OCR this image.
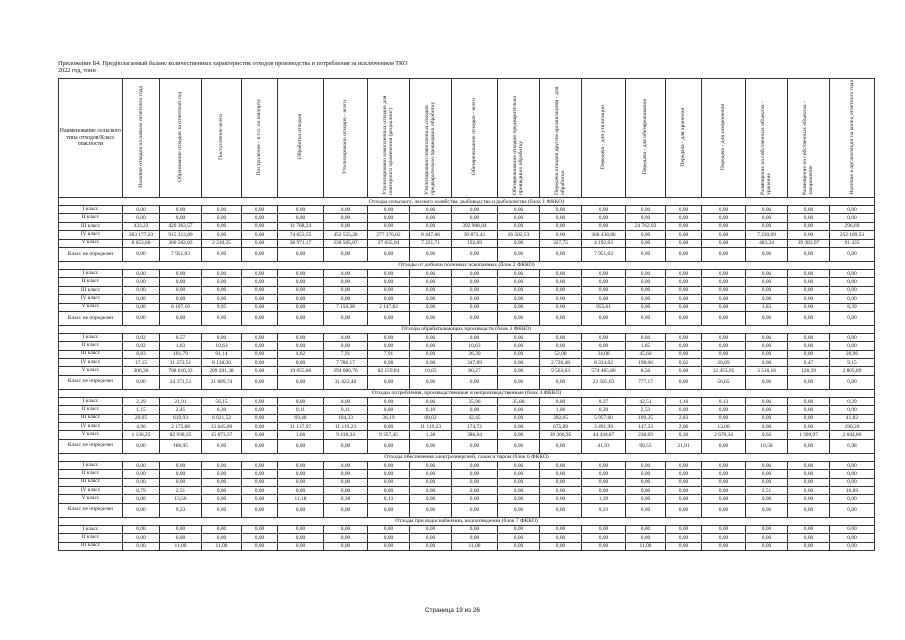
Приложение Б4. Предполагаемый баланс количественных характеристик отходов производства и потребления за исключением ТКО
2022 год, тонн
Наименование сельского типа отходов/Класс опасности	Наличие отходов на начало отчетного года	Образование отходов за отчетный год	Поступление-всего	Поступление - в т.ч. по импорту	Обработка отходов	Утилизировано отходов - всего	Утилизировано накопленных отходов для повторного применения (рециклинг)	Утилизировано накопленных отходов предварительно прошедших обработку	Обезвреживание отходов - всего	Обезвреживание отходов предварительно прошедших обработку	Передача отходов другим организациям - для обработки	Передача - для утилизации	Передача - для обезвреживания	Передача - для хранения	Передача - для захоронения	Размещение на собственных объектах - хранение	Размещение на собственных объектах - захоронение	Наличие в организации на конец отчетного года	
Отходы сельского, лесного хозяйства, рыбоводства и рыболовства (блок 1 ФККО)																			
I класс	0,00	0,00	0,00	0,00	0,00	0,00	0,00	0,00	0,00	0,00	0,00	0,00	0,00	0,00	0,00	0,00	0,00	0,00	
II класс	0,00	0,00	0,00	0,00	0,00	0,00	0,00	0,00	0,00	0,00	0,00	0,00	0,00	0,00	0,00	0,00	0,00	0,00	
III класс	433,22	429 363,57	0,00	0,00	11 768,24	0,00	0,00	0,00	392 908,84	0,00	0,00	0,00	24 762,02	0,00	0,00	0,00	0,00	296,69	
IV класс	283 177,23	915 313,80	0,00	0,00	74 653,55	452 555,28	277 376,82	8 447,86	30 872,41	26 502,53	0,00	368 438,86	0,00	0,00	0,00	7 230,09	0,00	252 189,53	
V класс	8 653,60	300 502,83	2 210,35	0,00	38 971,17	238 505,07	27 035,04	7 221,71	192,69	0,00	327,75	4 192,03	0,00	0,00	0,00	483,24	39 383,97	91 435	
Класс не определен	0,00	7 951,03	0,00	0,00	0,00	0,00	0,00	0,00	0,00	0,00	0,00	7 951,03	0,00	0,00	0,00	0,00	0,00	0,00	
Отходы от добычи полезных ископаемых (блок 2 ФККО)																			
I класс	0,00	0,00	0,00	0,00	0,00	0,00	0,00	0,00	0,00	0,00	0,00	0,00	0,00	0,00	0,00	0,00	0,00	0,00	
II класс	0,00	0,00	0,00	0,00	0,00	0,00	0,00	0,00	0,00	0,00	0,00	0,00	0,00	0,00	0,00	0,00	0,00	0,00	
III класс	0,00	0,00	0,00	0,00	0,00	0,00	0,00	0,00	0,00	0,00	0,00	0,00	0,00	0,00	0,00	0,00	0,00	0,00	
IV класс	0,00	0,00	0,00	0,00	0,00	0,00	0,00	0,00	0,00	0,00	0,00	0,00	0,00	0,00	0,00	0,00	0,00	0,00	
V класс	0,00	6 107,16	9,05	0,00	0,00	7 150,38	2 147,82	0,00	0,00	0,00	0,00	955,61	0,00	0,00	0,00	1,83	0,00	8,39	
Класс не определен	0,00	0,00	0,00	0,00	0,00	0,00	0,00	0,00	0,00	0,00	0,00	0,00	0,00	0,00	0,00	0,00	0,00	0,00	
Отходы обрабатывающих производств (блок 3 ФККО)																			
I класс	0,02	0,57	0,00	0,00	0,00	0,00	0,00	0,00	0,00	0,00	0,00	0,00	0,60	0,00	0,00	0,00	0,00	0,00	
II класс	0,02	1,83	10,63	0,00	0,00	0,00	0,00	0,00	10,63	0,00	0,00	0,00	1,85	0,00	0,00	0,00	0,00	0,00	
III класс	8,83	101,79	91,14	0,00	4,82	7,91	7,91	0,00	36,30	0,00	52,08	34,08	45,60	0,00	0,00	0,00	0,00	20,96	
IV класс	17,15	11 273,51	8 138,30	0,00	0,00	7 786,17	6,98	0,00	347,89	0,00	2 726,48	8 334,02	198,06	0,02	26,69	0,00	0,47	9,15	
V класс	306,30	708 610,33	209 201,38	0,00	19 055,86	294 680,76	82 159,84	10,05	80,27	0,00	9 563,63	574 465,80	8,56	0,00	12 455,95	3 516,16	128,39	2 805,89	
Класс не определен	0,00	24 371,51	31 689,74	0,00	0,00	31 622,40	0,00	0,00	0,00	0,00	0,00	23 585,03	777,17	0,00	56,65	0,00	0,00	0,00	
Отходы потребления, производственные и непроизводственные (блок 4 ФККО)																			
I класс	2,29	21,91	56,15	0,00	0,00	0,00	0,00	0,00	35,96	35,88	0,00	0,37	42,51	1,16	0,13	0,00	0,00	0,29	
II класс	1,15	2,45	6,30	0,00	0,11	0,11	0,00	0,10	0,00	0,00	1,06	0,20	2,53	0,00	0,00	0,00	0,00	0,00	
III класс	20,05	610,93	6 021,52	0,00	69,48	104,33	36,19	68,02	42,45	0,00	392,65	5 957,60	109,35	2,83	0,00	0,00	0,00	41,82	
IV класс	4,96	2 175,88	13 645,80	0,00	11 137,97	11 119,23	0,00	11 119,23	174,72	0,00	675,89	3 491,99	147,33	2,06	13,00	0,00	0,00	190,20	
V класс	1 136,25	82 938,35	15 873,37	0,00	1,66	9 418,34	9 357,45	1,38	386,64	0,00	39 366,95	44 430,87	238,69	0,36	2 670,34	0,02	1 390,97	2 044,80	
Класс не определен	0,00	186,95	0,00	0,00	0,00	0,00	0,00	0,00	0,00	0,00	0,00	41,93	99,55	21,91	0,00	16,58	0,00	6,98	
Отходы обеспечения электроэнергией, газом и паром (блок 6 ФККО)																			
I класс	0,00	0,00	0,00	0,00	0,00	0,00	0,00	0,00	0,00	0,00	0,00	0,00	0,00	0,00	0,00	0,00	0,00	0,00	
II класс	0,00	0,00	0,00	0,00	0,00	0,00	0,00	0,00	0,00	0,00	0,00	0,00	0,00	0,00	0,00	0,00	0,00	0,00	
III класс	0,00	0,00	0,00	0,00	0,00	0,00	0,00	0,00	0,00	0,00	0,00	0,00	0,00	0,00	0,00	0,00	0,00	0,00	
IV класс	8,79	2,51	0,00	0,00	0,00	0,00	0,00	0,00	0,00	0,00	0,00	0,00	0,00	0,00	0,00	2,51	0,00	10,89	
V класс	0,00	13,50	0,00	0,00	11,18	0,38	0,13	0,00	0,00	0,00	0,00	1,39	0,00	0,00	0,00	0,00	0,00	0,00	
Класс не определен	0,00	9,23	0,00	0,00	0,00	0,00	0,00	0,00	0,00	0,00	0,00	9,23	0,00	0,00	0,00	0,00	0,00	0,00	
Отходы при водоснабжении, водоотведении (блок 7 ФККО)																			
I класс	0,00	0,00	0,00	0,00	0,00	0,00	0,00	0,00	0,00	0,00	0,00	0,00	0,00	0,00	0,00	0,00	0,00	0,00	
II класс	0,00	0,00	0,00	0,00	0,00	0,00	0,00	0,00	0,00	0,00	0,00	0,00	0,00	0,00	0,00	0,00	0,00	0,00	
III класс	0,00	11,00	11,00	0,00	0,00	0,00	0,00	0,00	11,00	0,00	0,00	0,00	11,00	0,00	0,00	0,00	0,00	0,00	
Страница 19 из 26
